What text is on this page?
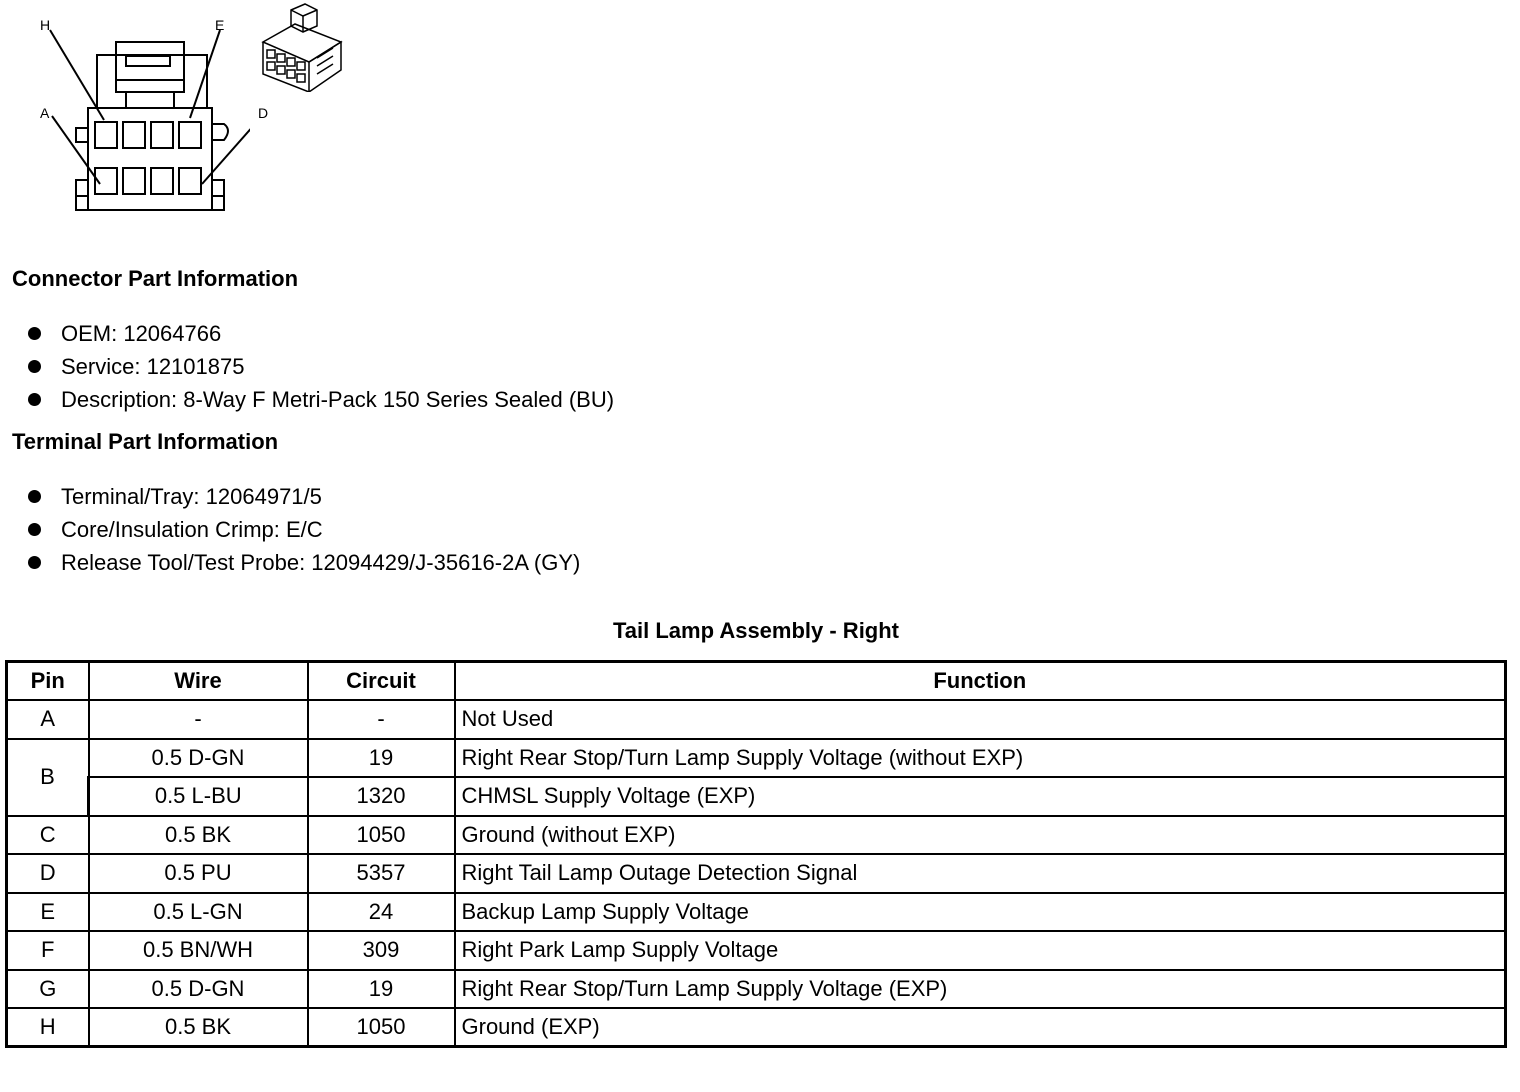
H	E
A	D
Connector Part Information
OEM: 12064766
Service: 12101875
Description: 8-Way F Metri-Pack 150 Series Sealed (BU)
Terminal Part Information
Terminal/Tray: 12064971/5
Core/Insulation Crimp: E/C
Release Tool/Test Probe: 12094429/J-35616-2A (GY)
Tail Lamp Assembly - Right
Pin	Wire	Circuit	Function
A	-	-	Not Used
B	0.5 D-GN	19	Right Rear Stop/Turn Lamp Supply Voltage (without EXP)
	0.5 L-BU	1320	CHMSL Supply Voltage (EXP)
C	0.5 BK	1050	Ground (without EXP)
D	0.5 PU	5357	Right Tail Lamp Outage Detection Signal
E	0.5 L-GN	24	Backup Lamp Supply Voltage
F	0.5 BN/WH	309	Right Park Lamp Supply Voltage
G	0.5 D-GN	19	Right Rear Stop/Turn Lamp Supply Voltage (EXP)
H	0.5 BK	1050	Ground (EXP)
